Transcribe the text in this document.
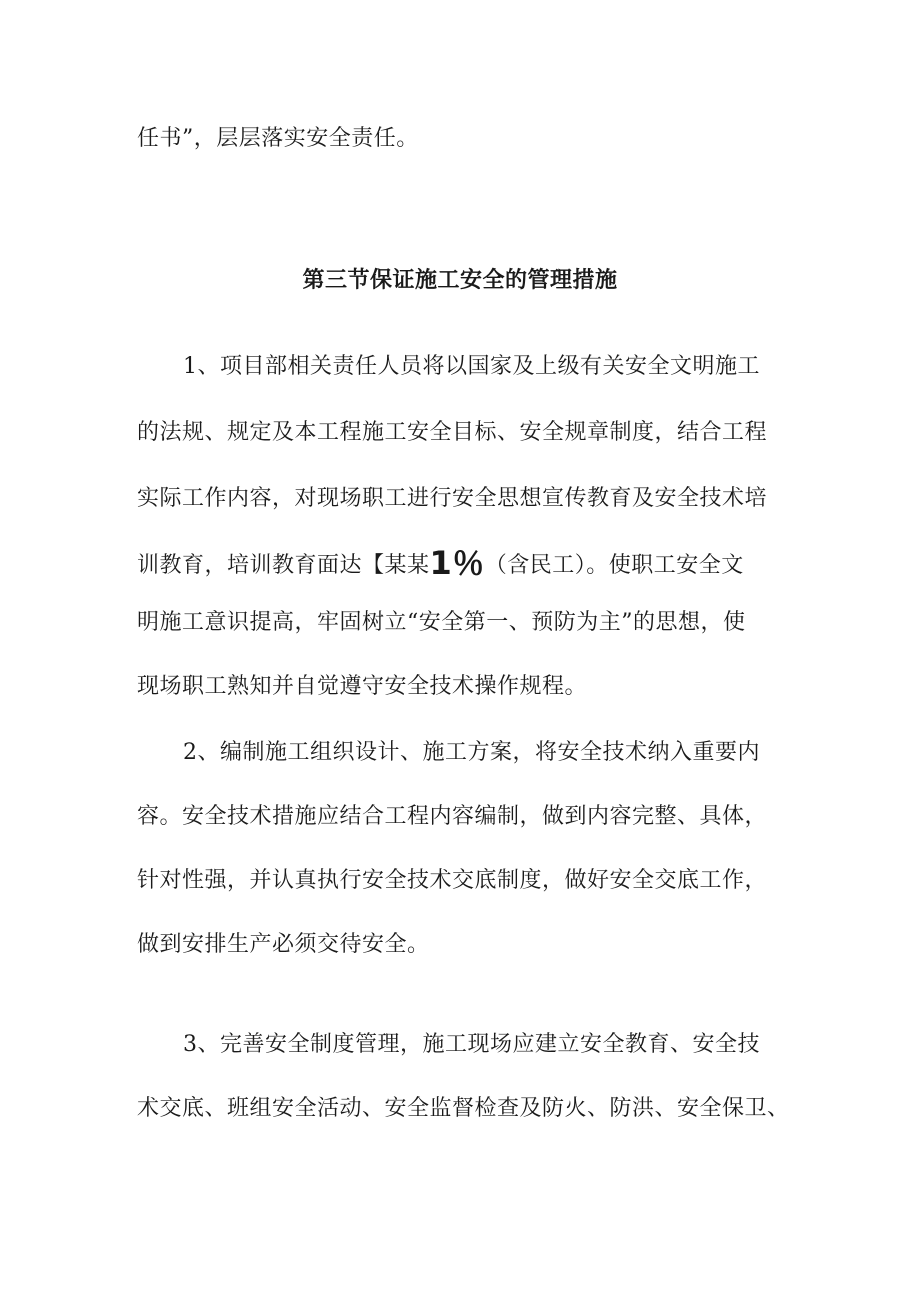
任书”，层层落实安全责任。
第三节保证施工安全的管理措施
1、项目部相关责任人员将以国家及上级有关安全文明施工
的法规、规定及本工程施工安全目标、安全规章制度，结合工程
实际工作内容，对现场职工进行安全思想宣传教育及安全技术培
训教育，培训教育面达【某某1％（含民工）。使职工安全文
明施工意识提高，牢固树立“安全第一、预防为主”的思想，使
现场职工熟知并自觉遵守安全技术操作规程。
2、编制施工组织设计、施工方案，将安全技术纳入重要内
容。安全技术措施应结合工程内容编制，做到内容完整、具体，
针对性强，并认真执行安全技术交底制度，做好安全交底工作，
做到安排生产必须交待安全。
3、完善安全制度管理，施工现场应建立安全教育、安全技
术交底、班组安全活动、安全监督检查及防火、防洪、安全保卫、
